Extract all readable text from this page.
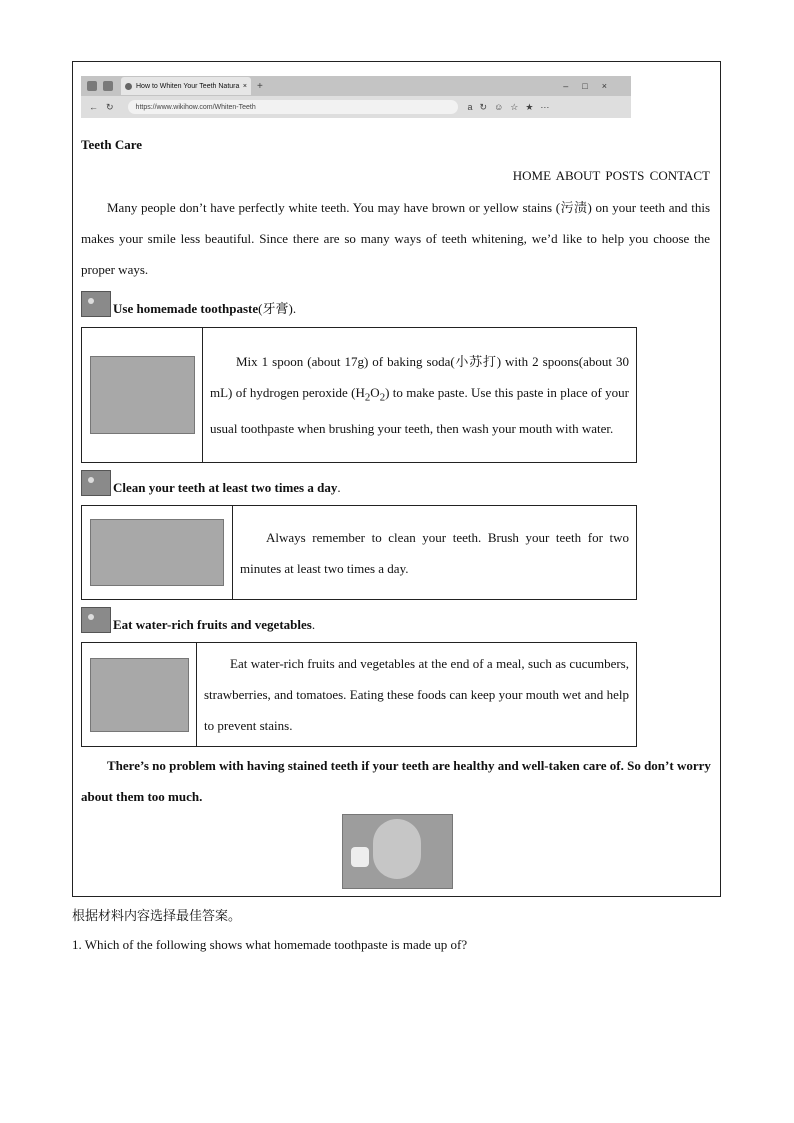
How to Whiten Your Teeth Natura × +	–□×
←↻ https://www.wikihow.com/Whiten-Teeth	a↻☺☆★⋯
Teeth Care
HOME ABOUT POSTS CONTACT
Many people don’t have perfectly white teeth. You may have brown or yellow stains (污渍) on your teeth and this makes your smile less beautiful. Since there are so many ways of teeth whitening, we’d like to help you choose the proper ways.
Use homemade toothpaste (牙膏).
	Mix 1 spoon (about 17g) of baking soda(小苏打) with 2 spoons(about 30 mL) of hydrogen peroxide $(H_2O_2)$ to make paste. Use this paste in place of your usual toothpaste when brushing your teeth, then wash your mouth with water.
Clean your teeth at least two times a day .
	Always remember to clean your teeth. Brush your teeth for two minutes at least two times a day.
Eat water-rich fruits and vegetables .
	Eat water-rich fruits and vegetables at the end of a meal, such as cucumbers, strawberries, and tomatoes. Eating these foods can keep your mouth wet and help to prevent stains.
There’s no problem with having stained teeth if your teeth are healthy and well-taken care of. So don’t worry about them too much.
根据材料内容选择最佳答案。
1. Which of the following shows what homemade toothpaste is made up of?
